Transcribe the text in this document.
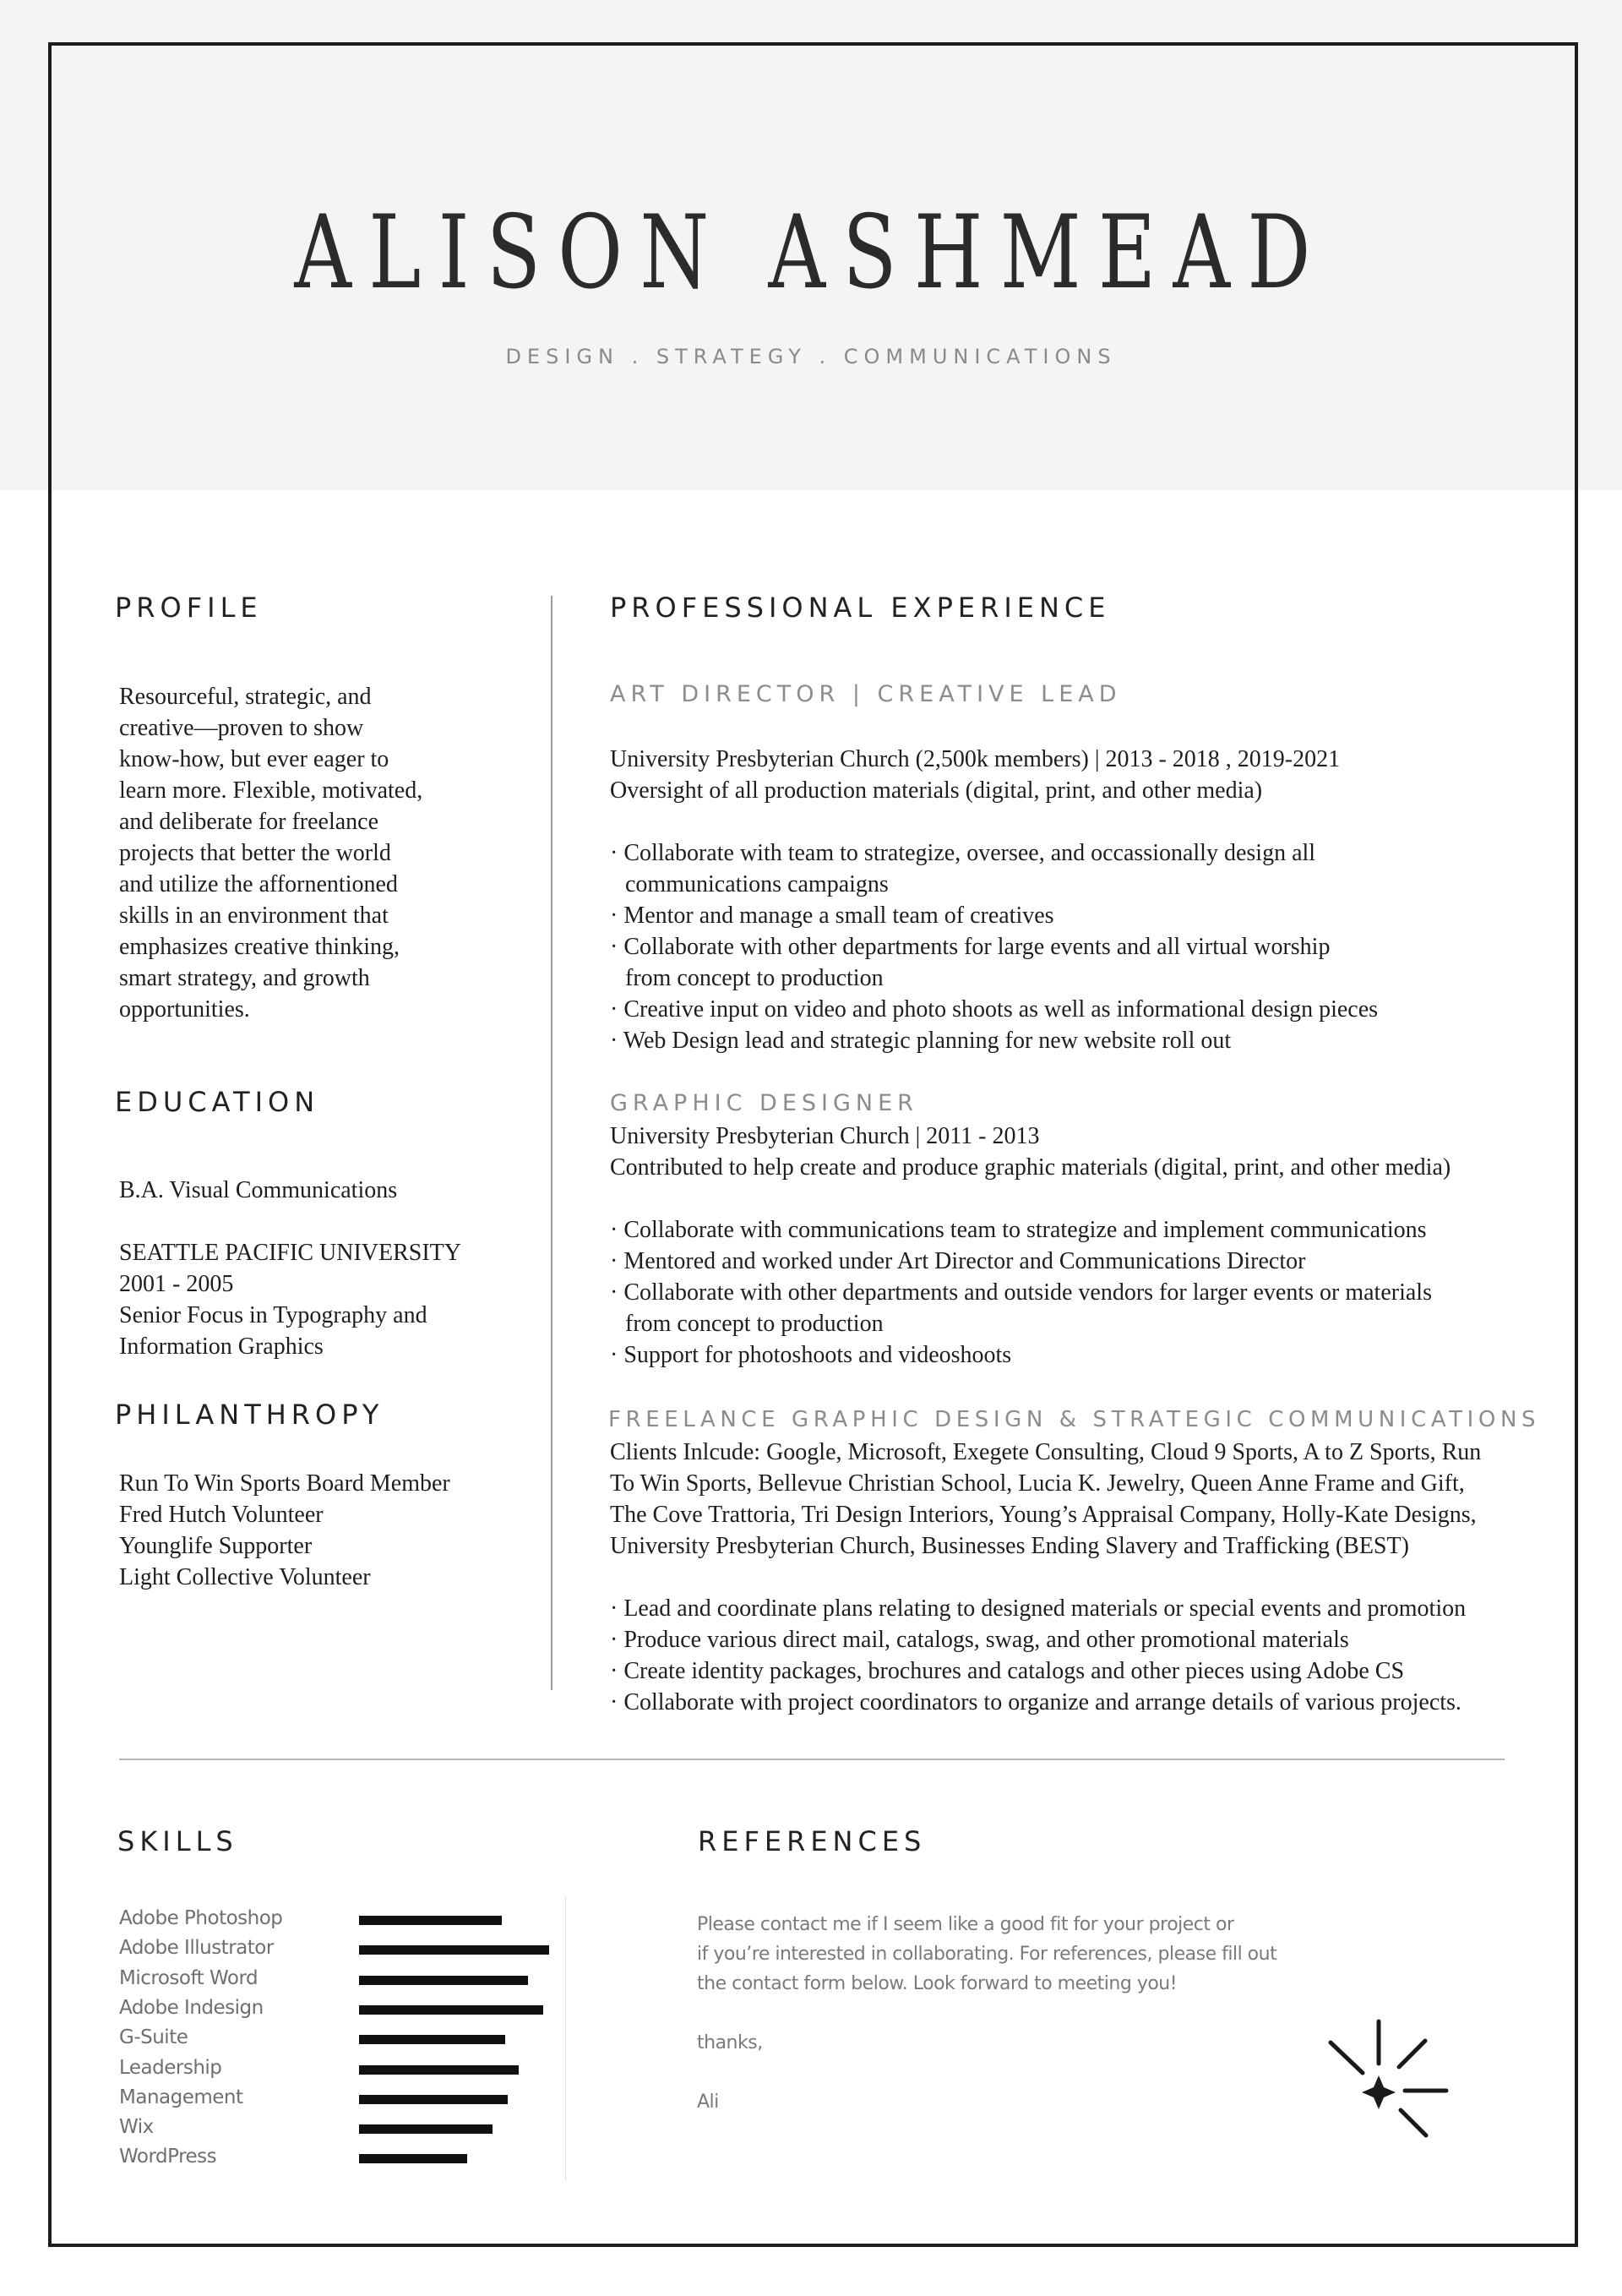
ALISON ASHMEAD
DESIGN . STRATEGY . COMMUNICATIONS
PROFILE
Resourceful, strategic, and
creative—proven to show
know-how, but ever eager to
learn more. Flexible, motivated,
and deliberate for freelance
projects that better the world
and utilize the affornentioned
skills in an environment that
emphasizes creative thinking,
smart strategy, and growth
opportunities.
EDUCATION
B.A. Visual Communications
SEATTLE PACIFIC UNIVERSITY
2001 - 2005
Senior Focus in Typography and
Information Graphics
PHILANTHROPY
Run To Win Sports Board Member
Fred Hutch Volunteer
Younglife Supporter
Light Collective Volunteer
PROFESSIONAL EXPERIENCE
ART DIRECTOR | CREATIVE LEAD
University Presbyterian Church (2,500k members) | 2013 - 2018 , 2019-2021
Oversight of all production materials (digital, print, and other media)
· Collaborate with team to strategize, oversee, and occassionally design all
communications campaigns
· Mentor and manage a small team of creatives
· Collaborate with other departments for large events and all virtual worship
from concept to production
· Creative input on video and photo shoots as well as informational design pieces
· Web Design lead and strategic planning for new website roll out
GRAPHIC DESIGNER
University Presbyterian Church | 2011 - 2013
Contributed to help create and produce graphic materials (digital, print, and other media)
· Collaborate with communications team to strategize and implement communications
· Mentored and worked under Art Director and Communications Director
· Collaborate with other departments and outside vendors for larger events or materials
from concept to production
· Support for photoshoots and videoshoots
FREELANCE GRAPHIC DESIGN & STRATEGIC COMMUNICATIONS
Clients Inlcude: Google, Microsoft, Exegete Consulting, Cloud 9 Sports, A to Z Sports, Run
To Win Sports, Bellevue Christian School, Lucia K. Jewelry, Queen Anne Frame and Gift,
The Cove Trattoria, Tri Design Interiors, Young’s Appraisal Company, Holly-Kate Designs,
University Presbyterian Church, Businesses Ending Slavery and Trafficking (BEST)
· Lead and coordinate plans relating to designed materials or special events and promotion
· Produce various direct mail, catalogs, swag, and other promotional materials
· Create identity packages, brochures and catalogs and other pieces using Adobe CS
· Collaborate with project coordinators to organize and arrange details of various projects.
SKILLS
Adobe Photoshop
Adobe Illustrator
Microsoft Word
Adobe Indesign
G-Suite
Leadership
Management
Wix
WordPress
REFERENCES
Please contact me if I seem like a good fit for your project or
if you’re interested in collaborating. For references, please fill out
the contact form below. Look forward to meeting you!
thanks,
Ali
